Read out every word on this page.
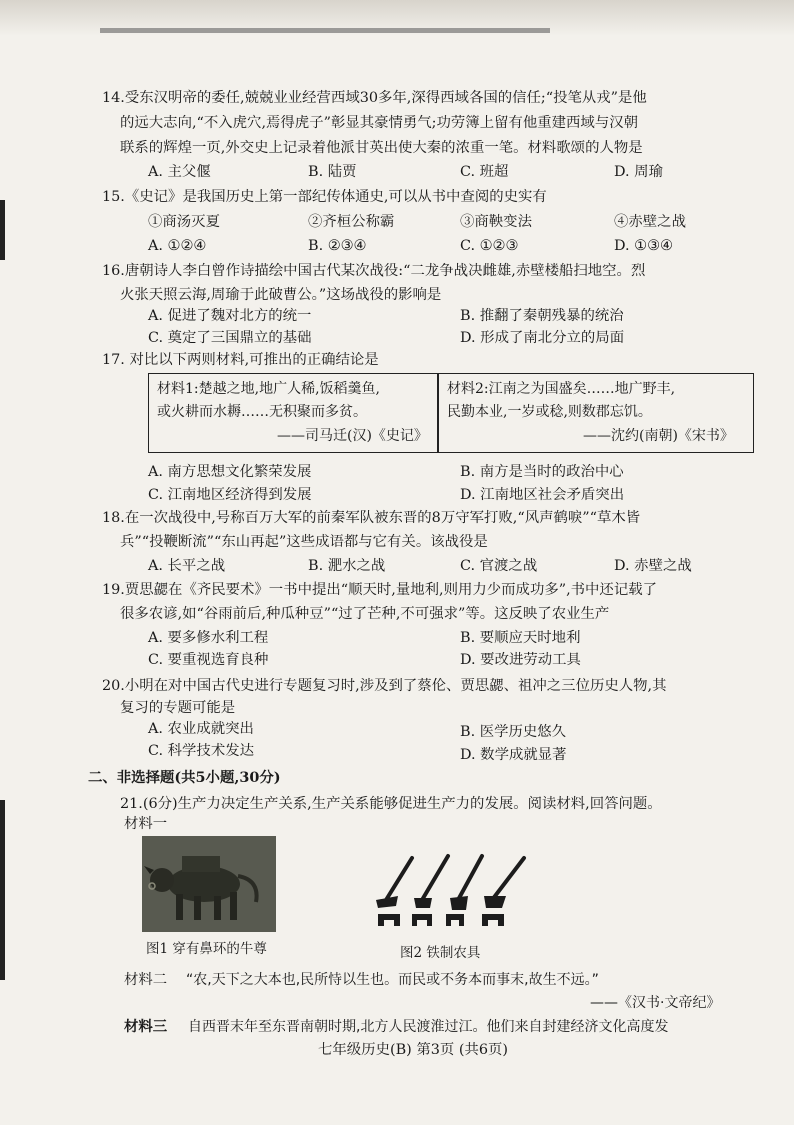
14.受东汉明帝的委任,兢兢业业经营西域30多年,深得西域各国的信任;“投笔从戎”是他
的远大志向,“不入虎穴,焉得虎子”彰显其豪情勇气;功劳簿上留有他重建西域与汉朝
联系的辉煌一页,外交史上记录着他派甘英出使大秦的浓重一笔。材料歌颂的人物是
A. 主父偃	B. 陆贾	C. 班超	D. 周瑜
15.《史记》是我国历史上第一部纪传体通史,可以从书中查阅的史实有
①商汤灭夏	②齐桓公称霸	③商鞅变法	④赤壁之战
A. ①②④	B. ②③④	C. ①②③	D. ①③④
16.唐朝诗人李白曾作诗描绘中国古代某次战役:“二龙争战决雌雄,赤壁楼船扫地空。烈
火张天照云海,周瑜于此破曹公。”这场战役的影响是
A. 促进了魏对北方的统一	B. 推翻了秦朝残暴的统治
C. 奠定了三国鼎立的基础	D. 形成了南北分立的局面
17. 对比以下两则材料,可推出的正确结论是
材料1:楚越之地,地广人稀,饭稻羹鱼,
或火耕而水耨……无积聚而多贫。
——司马迁(汉)《史记》
材料2:江南之为国盛矣……地广野丰,
民勤本业,一岁或稔,则数郡忘饥。
——沈约(南朝)《宋书》
A. 南方思想文化繁荣发展	B. 南方是当时的政治中心
C. 江南地区经济得到发展	D. 江南地区社会矛盾突出
18.在一次战役中,号称百万大军的前秦军队被东晋的8万守军打败,“风声鹤唳”“草木皆
兵”“投鞭断流”“东山再起”这些成语都与它有关。该战役是
A. 长平之战	B. 淝水之战	C. 官渡之战	D. 赤壁之战
19.贾思勰在《齐民要术》一书中提出“顺天时,量地利,则用力少而成功多”,书中还记载了
很多农谚,如“谷雨前后,种瓜种豆”“过了芒种,不可强求”等。这反映了农业生产
A. 要多修水利工程	B. 要顺应天时地利
C. 要重视选育良种	D. 要改进劳动工具
20.小明在对中国古代史进行专题复习时,涉及到了蔡伦、贾思勰、祖冲之三位历史人物,其
复习的专题可能是
A. 农业成就突出	B. 医学历史悠久
C. 科学技术发达	D. 数学成就显著
二、非选择题(共5小题,30分)
21.(6分)生产力决定生产关系,生产关系能够促进生产力的发展。阅读材料,回答问题。
材料一
图1 穿有鼻环的牛尊	图2 铁制农具
材料二 “农,天下之大本也,民所恃以生也。而民或不务本而事末,故生不远。”
——《汉书·文帝纪》
材料三 自西晋末年至东晋南朝时期,北方人民渡淮过江。他们来自封建经济文化高度发
七年级历史(B) 第3页 (共6页)
